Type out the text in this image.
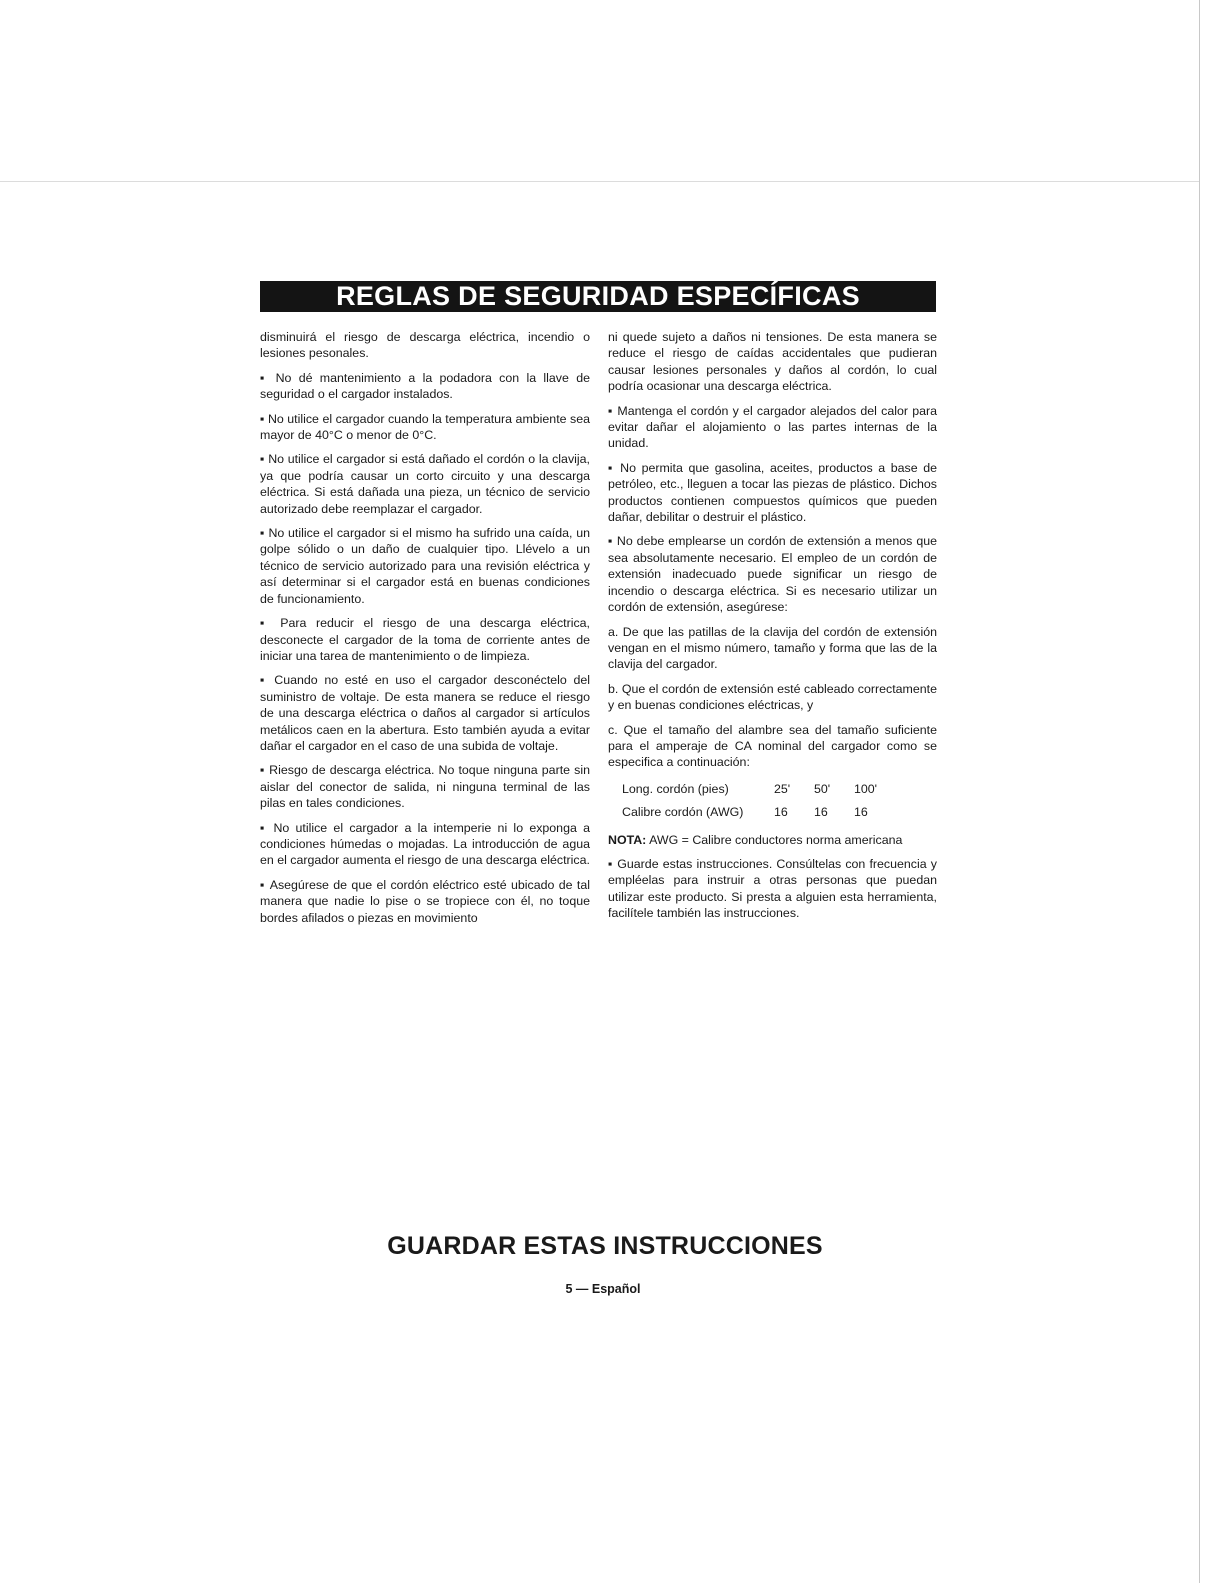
REGLAS DE SEGURIDAD ESPECÍFICAS

disminuirá el riesgo de descarga eléctrica, incendio o lesiones pesonales.

▪ No dé mantenimiento a la podadora con la llave de seguridad o el cargador instalados.

▪ No utilice el cargador cuando la temperatura ambiente sea mayor de 40°C o menor de 0°C.

▪ No utilice el cargador si está dañado el cordón o la clavija, ya que podría causar un corto circuito y una descarga eléctrica. Si está dañada una pieza, un técnico de servicio autorizado debe reemplazar el cargador.

▪ No utilice el cargador si el mismo ha sufrido una caída, un golpe sólido o un daño de cualquier tipo. Llévelo a un técnico de servicio autorizado para una revisión eléctrica y así determinar si el cargador está en buenas condiciones de funcionamiento.

▪ Para reducir el riesgo de una descarga eléctrica, desconecte el cargador de la toma de corriente antes de iniciar una tarea de mantenimiento o de limpieza.

▪ Cuando no esté en uso el cargador desconéctelo del suministro de voltaje. De esta manera se reduce el riesgo de una descarga eléctrica o daños al cargador si artículos metálicos caen en la abertura. Esto también ayuda a evitar dañar el cargador en el caso de una subida de voltaje.

▪ Riesgo de descarga eléctrica. No toque ninguna parte sin aislar del conector de salida, ni ninguna terminal de las pilas en tales condiciones.

▪ No utilice el cargador a la intemperie ni lo exponga a condiciones húmedas o mojadas. La introducción de agua en el cargador aumenta el riesgo de una descarga eléctrica.

▪ Asegúrese de que el cordón eléctrico esté ubicado de tal manera que nadie lo pise o se tropiece con él, no toque bordes afilados o piezas en movimiento

ni quede sujeto a daños ni tensiones. De esta manera se reduce el riesgo de caídas accidentales que pudieran causar lesiones personales y daños al cordón, lo cual podría ocasionar una descarga eléctrica.

▪ Mantenga el cordón y el cargador alejados del calor para evitar dañar el alojamiento o las partes internas de la unidad.

▪ No permita que gasolina, aceites, productos a base de petróleo, etc., lleguen a tocar las piezas de plástico. Dichos productos contienen compuestos químicos que pueden dañar, debilitar o destruir el plástico.

▪ No debe emplearse un cordón de extensión a menos que sea absolutamente necesario. El empleo de un cordón de extensión inadecuado puede significar un riesgo de incendio o descarga eléctrica. Si es necesario utilizar un cordón de extensión, asegúrese:

a. De que las patillas de la clavija del cordón de extensión vengan en el mismo número, tamaño y forma que las de la clavija del cargador.

b. Que el cordón de extensión esté cableado correctamente y en buenas condiciones eléctricas, y

c. Que el tamaño del alambre sea del tamaño suficiente para el amperaje de CA nominal del cargador como se especifica a continuación:

Long. cordón (pies)	25'	50'	100'
Calibre cordón (AWG)	16	16	16

NOTA: AWG = Calibre conductores norma americana

▪ Guarde estas instrucciones. Consúltelas con frecuencia y empléelas para instruir a otras personas que puedan utilizar este producto. Si presta a alguien esta herramienta, facilítele también las instrucciones.

GUARDAR ESTAS INSTRUCCIONES
5 — Español
